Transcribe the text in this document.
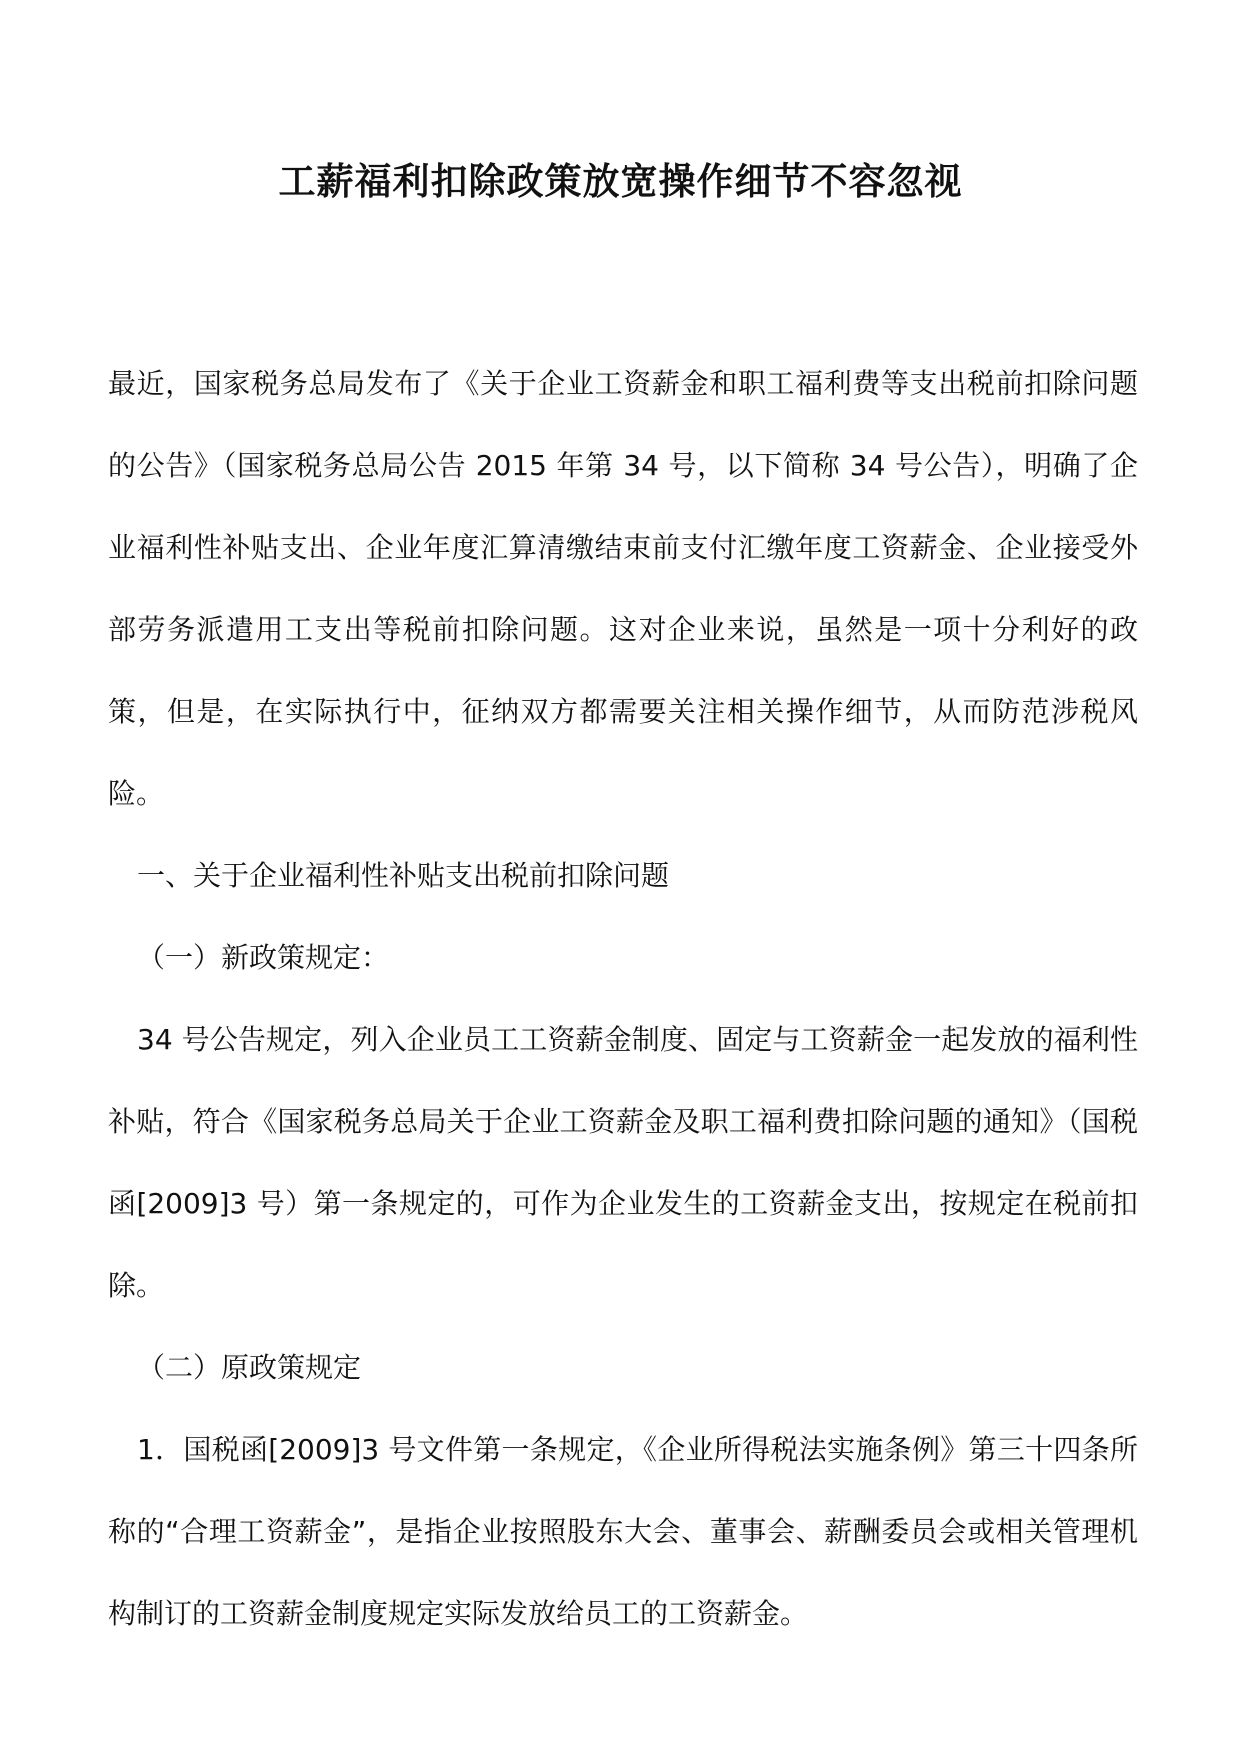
工薪福利扣除政策放宽操作细节不容忽视

最近，国家税务总局发布了《关于企业工资薪金和职工福利费等支出税前扣除问题的公告》（国家税务总局公告 2015 年第 34 号，以下简称 34 号公告），明确了企业福利性补贴支出、企业年度汇算清缴结束前支付汇缴年度工资薪金、企业接受外部劳务派遣用工支出等税前扣除问题。这对企业来说，虽然是一项十分利好的政策，但是，在实际执行中，征纳双方都需要关注相关操作细节，从而防范涉税风险。

一、关于企业福利性补贴支出税前扣除问题

（一）新政策规定：

34 号公告规定，列入企业员工工资薪金制度、固定与工资薪金一起发放的福利性补贴，符合《国家税务总局关于企业工资薪金及职工福利费扣除问题的通知》（国税函[2009]3 号）第一条规定的，可作为企业发生的工资薪金支出，按规定在税前扣除。

（二）原政策规定

1．国税函[2009]3 号文件第一条规定，《企业所得税法实施条例》第三十四条所称的“合理工资薪金”，是指企业按照股东大会、董事会、薪酬委员会或相关管理机构制订的工资薪金制度规定实际发放给员工的工资薪金。
